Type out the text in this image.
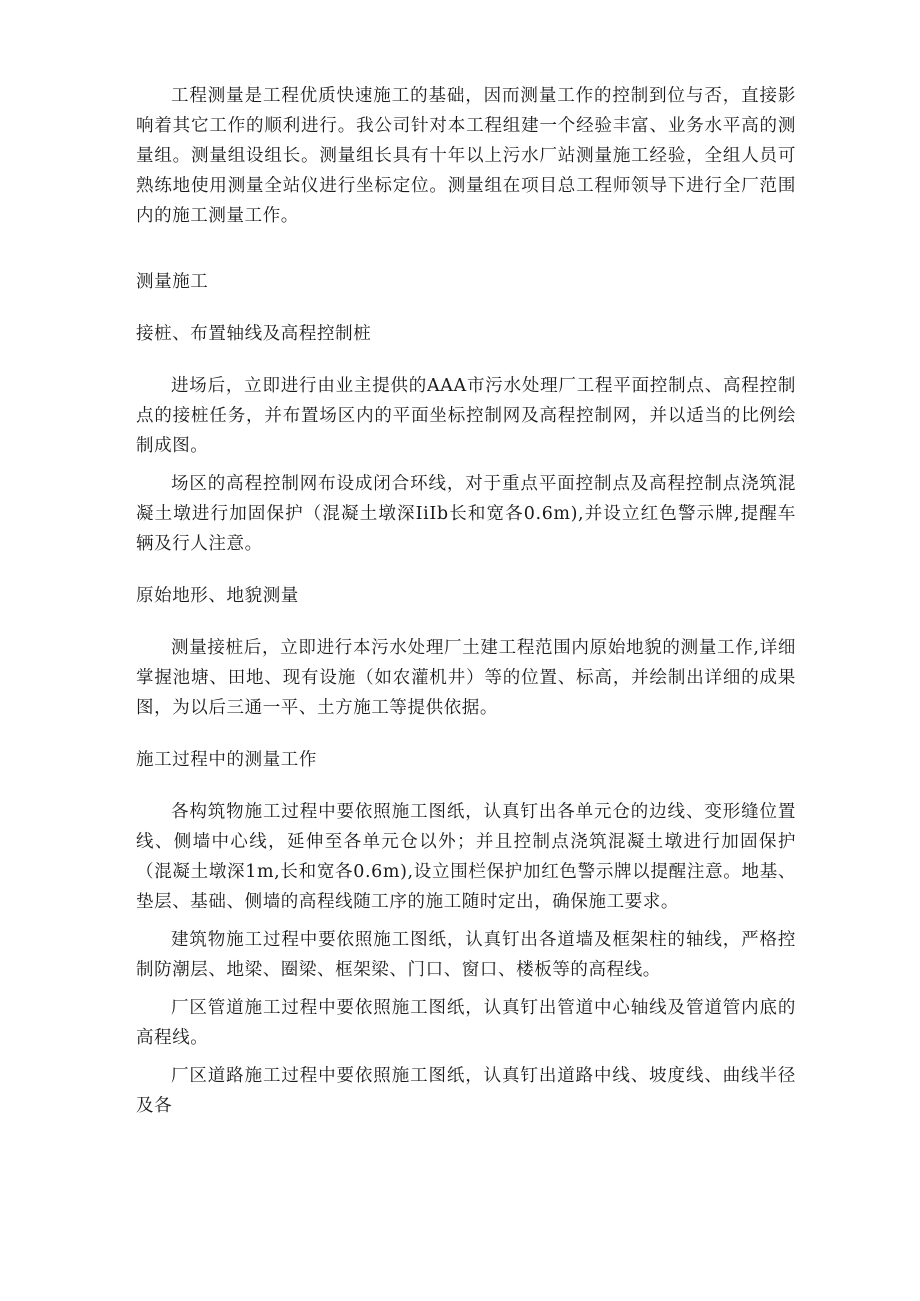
工程测量是工程优质快速施工的基础，因而测量工作的控制到位与否，直接影响着其它工作的顺利进行。我公司针对本工程组建一个经验丰富、业务水平高的测量组。测量组设组长。测量组长具有十年以上污水厂站测量施工经验，全组人员可熟练地使用测量全站仪进行坐标定位。测量组在项目总工程师领导下进行全厂范围内的施工测量工作。

测量施工
接桩、布置轴线及高程控制桩

进场后，立即进行由业主提供的AAA市污水处理厂工程平面控制点、高程控制点的接桩任务，并布置场区内的平面坐标控制网及高程控制网，并以适当的比例绘制成图。

场区的高程控制网布设成闭合环线，对于重点平面控制点及高程控制点浇筑混凝土墩进行加固保护（混凝土墩深IiIb长和宽各0.6m),并设立红色警示牌,提醒车辆及行人注意。

原始地形、地貌测量

测量接桩后，立即进行本污水处理厂土建工程范围内原始地貌的测量工作,详细掌握池塘、田地、现有设施（如农灌机井）等的位置、标高，并绘制出详细的成果图，为以后三通一平、土方施工等提供依据。

施工过程中的测量工作

各构筑物施工过程中要依照施工图纸，认真钉出各单元仓的边线、变形缝位置线、侧墙中心线，延伸至各单元仓以外；并且控制点浇筑混凝土墩进行加固保护（混凝土墩深1m,长和宽各0.6m),设立围栏保护加红色警示牌以提醒注意。地基、垫层、基础、侧墙的高程线随工序的施工随时定出，确保施工要求。

建筑物施工过程中要依照施工图纸，认真钉出各道墙及框架柱的轴线，严格控制防潮层、地梁、圈梁、框架梁、门口、窗口、楼板等的高程线。

厂区管道施工过程中要依照施工图纸，认真钉出管道中心轴线及管道管内底的高程线。

厂区道路施工过程中要依照施工图纸，认真钉出道路中线、坡度线、曲线半径及各
